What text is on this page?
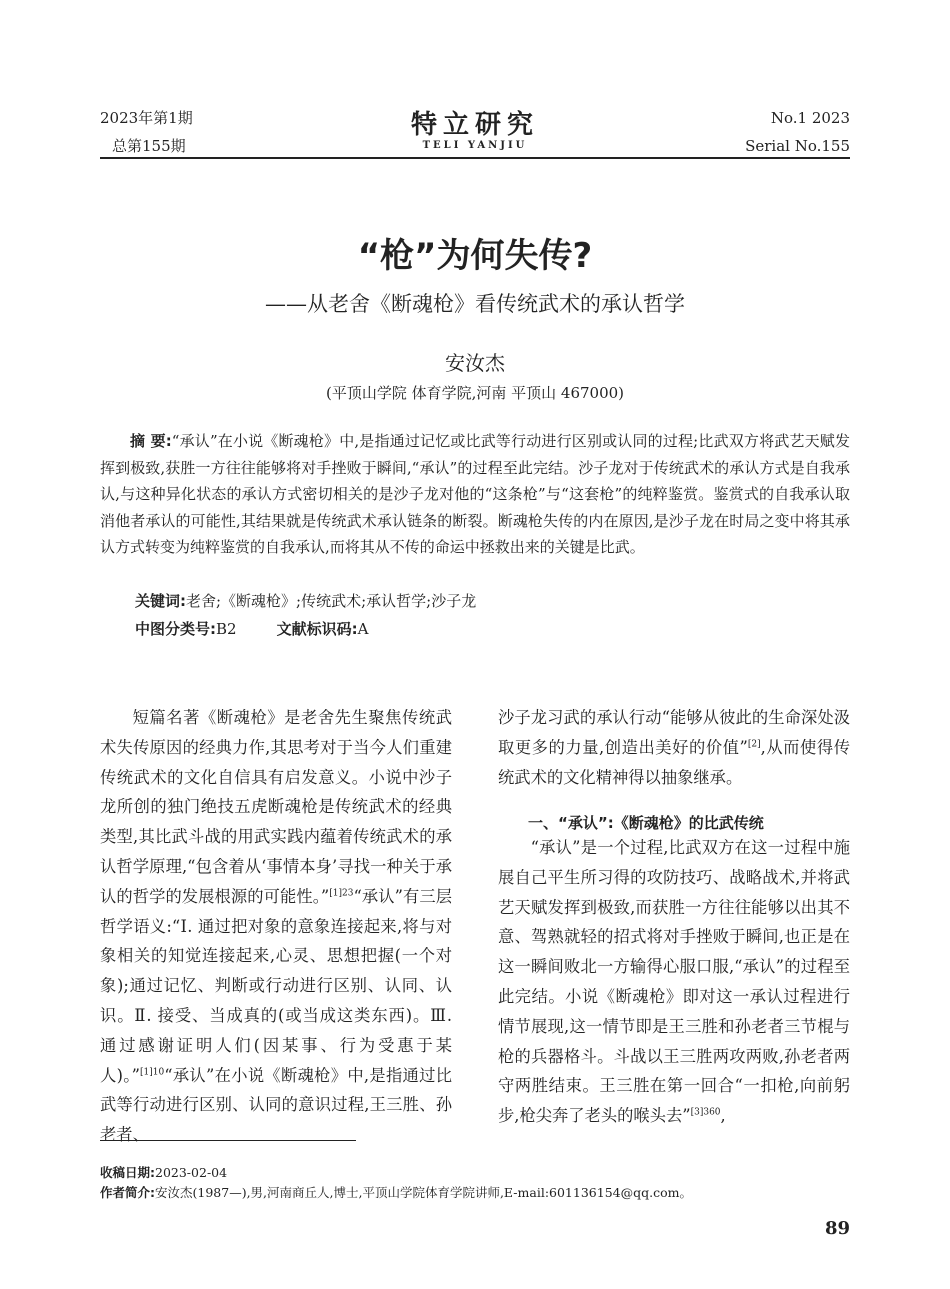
2023年第1期
总第155期
特立研究
TELI YANJIU
No.1 2023
Serial No.155
“枪”为何失传?
——从老舍《断魂枪》看传统武术的承认哲学
安汝杰
(平顶山学院 体育学院,河南 平顶山 467000)
摘 要:“承认”在小说《断魂枪》中,是指通过记忆或比武等行动进行区别或认同的过程;比武双方将武艺天赋发挥到极致,获胜一方往往能够将对手挫败于瞬间,“承认”的过程至此完结。沙子龙对于传统武术的承认方式是自我承认,与这种异化状态的承认方式密切相关的是沙子龙对他的“这条枪”与“这套枪”的纯粹鉴赏。鉴赏式的自我承认取消他者承认的可能性,其结果就是传统武术承认链条的断裂。断魂枪失传的内在原因,是沙子龙在时局之变中将其承认方式转变为纯粹鉴赏的自我承认,而将其从不传的命运中拯救出来的关键是比武。
关键词:老舍;《断魂枪》;传统武术;承认哲学;沙子龙
中图分类号:B2	文献标识码:A

短篇名著《断魂枪》是老舍先生聚焦传统武术失传原因的经典力作,其思考对于当今人们重建传统武术的文化自信具有启发意义。小说中沙子龙所创的独门绝技五虎断魂枪是传统武术的经典类型,其比武斗战的用武实践内蕴着传统武术的承认哲学原理,“包含着从‘事情本身’寻找一种关于承认的哲学的发展根源的可能性。”$^{[1]23}$“承认”有三层哲学语义:“Ⅰ. 通过把对象的意象连接起来,将与对象相关的知觉连接起来,心灵、思想把握(一个对象);通过记忆、判断或行动进行区别、认同、认识。Ⅱ. 接受、当成真的(或当成这类东西)。Ⅲ. 通过感谢证明人们(因某事、行为受惠于某人)。”$^{[1]10}$“承认”在小说《断魂枪》中,是指通过比武等行动进行区别、认同的意识过程,王三胜、孙老者、

沙子龙习武的承认行动“能够从彼此的生命深处汲取更多的力量,创造出美好的价值”[2],从而使得传统武术的文化精神得以抽象继承。

一、“承认”:《断魂枪》的比武传统

“承认”是一个过程,比武双方在这一过程中施展自己平生所习得的攻防技巧、战略战术,并将武艺天赋发挥到极致,而获胜一方往往能够以出其不意、驾熟就轻的招式将对手挫败于瞬间,也正是在这一瞬间败北一方输得心服口服,“承认”的过程至此完结。小说《断魂枪》即对这一承认过程进行情节展现,这一情节即是王三胜和孙老者三节棍与枪的兵器格斗。斗战以王三胜两攻两败,孙老者两守两胜结束。王三胜在第一回合“一扣枪,向前躬步,枪尖奔了老头的喉头去”$^{[3]360}$,

收稿日期:2023-02-04
作者简介:安汝杰(1987—),男,河南商丘人,博士,平顶山学院体育学院讲师,E-mail:601136154@qq.com。
89
